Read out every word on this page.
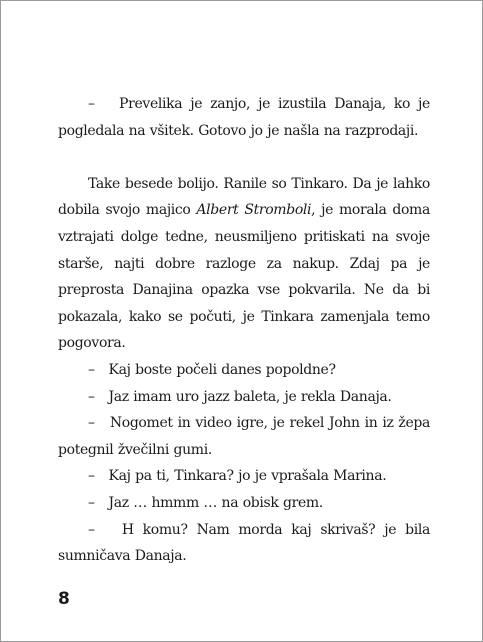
– Prevelika je zanjo, je izustila Danaja, ko je pogledala na všitek. Gotovo jo je našla na razprodaji.

Take besede bolijo. Ranile so Tinkaro. Da je lahko dobila svojo majico Albert Stromboli, je morala doma vztrajati dolge tedne, neusmiljeno pritiskati na svoje starše, najti dobre razloge za nakup. Zdaj pa je preprosta Danajina opazka vse pokvarila. Ne da bi pokazala, kako se počuti, je Tinkara zamenjala temo pogovora.

– Kaj boste počeli danes popoldne?

– Jaz imam uro jazz baleta, je rekla Danaja.

– Nogomet in video igre, je rekel John in iz žepa potegnil žvečilni gumi.

– Kaj pa ti, Tinkara? jo je vprašala Marina.

– Jaz … hmmm … na obisk grem.

– H komu? Nam morda kaj skrivaš? je bila sumničava Danaja.

8
